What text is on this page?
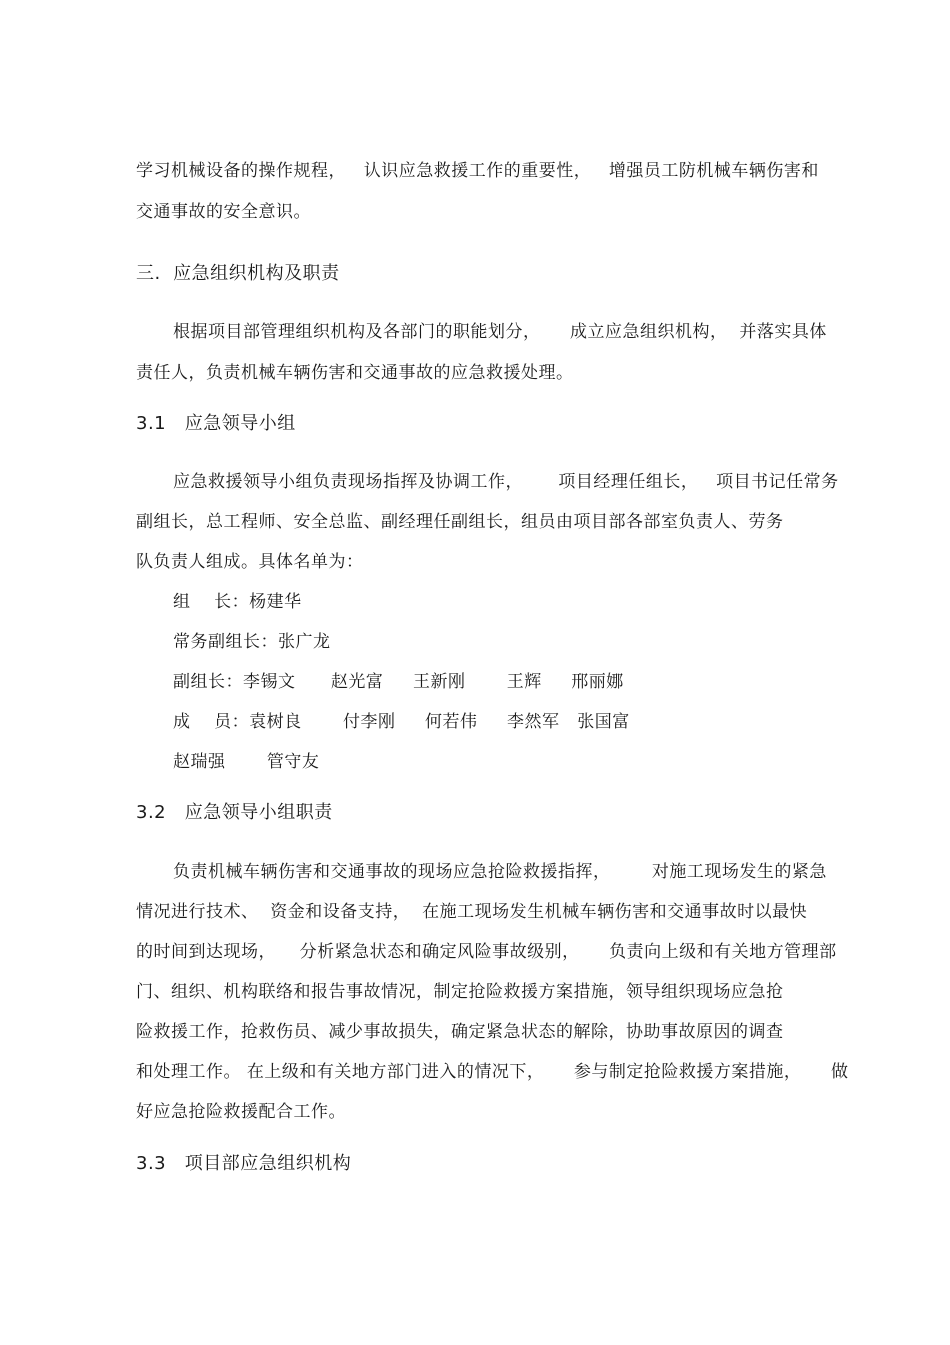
学习机械设备的操作规程，   认识应急救援工作的重要性，   增强员工防机械车辆伤害和
交通事故的安全意识。
三.  应急组织机构及职责
根据项目部管理组织机构及各部门的职能划分，     成立应急组织机构，  并落实具体
责任人，负责机械车辆伤害和交通事故的应急救援处理。
3.1   应急领导小组
应急救援领导小组负责现场指挥及协调工作，      项目经理任组长，   项目书记任常务
副组长，总工程师、安全总监、副经理任副组长，组员由项目部各部室负责人、劳务
队负责人组成。具体名单为：
组    长：杨建华
常务副组长：张广龙
副组长：李锡文      赵光富     王新刚       王辉     邢丽娜
成    员：袁树良       付李刚     何若伟     李然军   张国富
赵瑞强       管守友
3.2   应急领导小组职责
负责机械车辆伤害和交通事故的现场应急抢险救援指挥，       对施工现场发生的紧急
情况进行技术、  资金和设备支持，  在施工现场发生机械车辆伤害和交通事故时以最快
的时间到达现场，    分析紧急状态和确定风险事故级别，     负责向上级和有关地方管理部
门、组织、机构联络和报告事故情况，制定抢险救援方案措施，领导组织现场应急抢
险救援工作，抢救伤员、减少事故损失，确定紧急状态的解除，协助事故原因的调查
和处理工作。 在上级和有关地方部门进入的情况下，     参与制定抢险救援方案措施，     做
好应急抢险救援配合工作。
3.3   项目部应急组织机构
